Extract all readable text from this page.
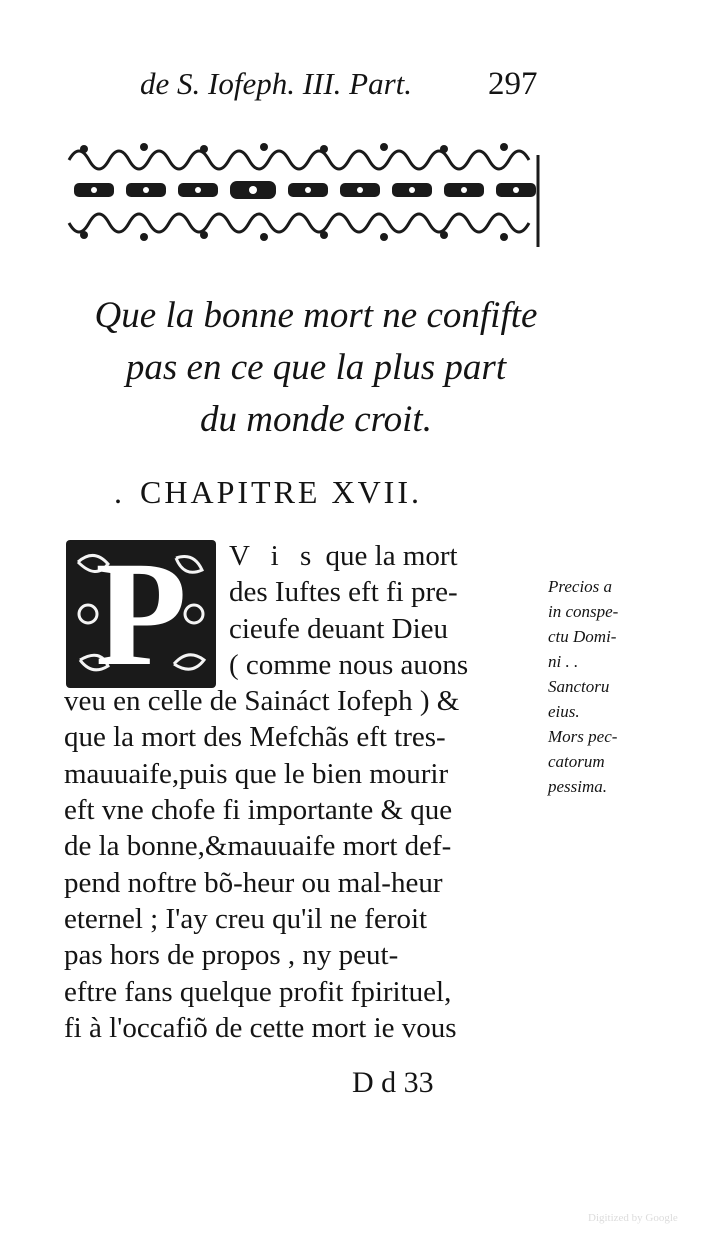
de S. Iofeph. III. Part.	297
Que la bonne mort ne confifte
pas en ce que la plus part
du monde croit.
. CHAPITRE XVII.
P	V i s que la mort
des Iuftes eft fi pre-
cieufe deuant Dieu
( comme nous auons
veu en celle de Saináct Iofeph ) &
que la mort des Mefchãs eft tres-
mauuaife,puis que le bien mourir
eft vne chofe fi importante & que
de la bonne,&mauuaife mort def-
pend noftre bõ-heur ou mal-heur
eternel ; I'ay creu qu'il ne feroit
pas hors de propos , ny peut-
eftre fans quelque profit fpirituel,
fi à l'occafiõ de cette mort ie vous
Precios a
in conspe-
ctu Domi-
ni . .
Sanctoru
eius.
Mors pec-
catorum
pessima.
D d 33
Digitized by Google
